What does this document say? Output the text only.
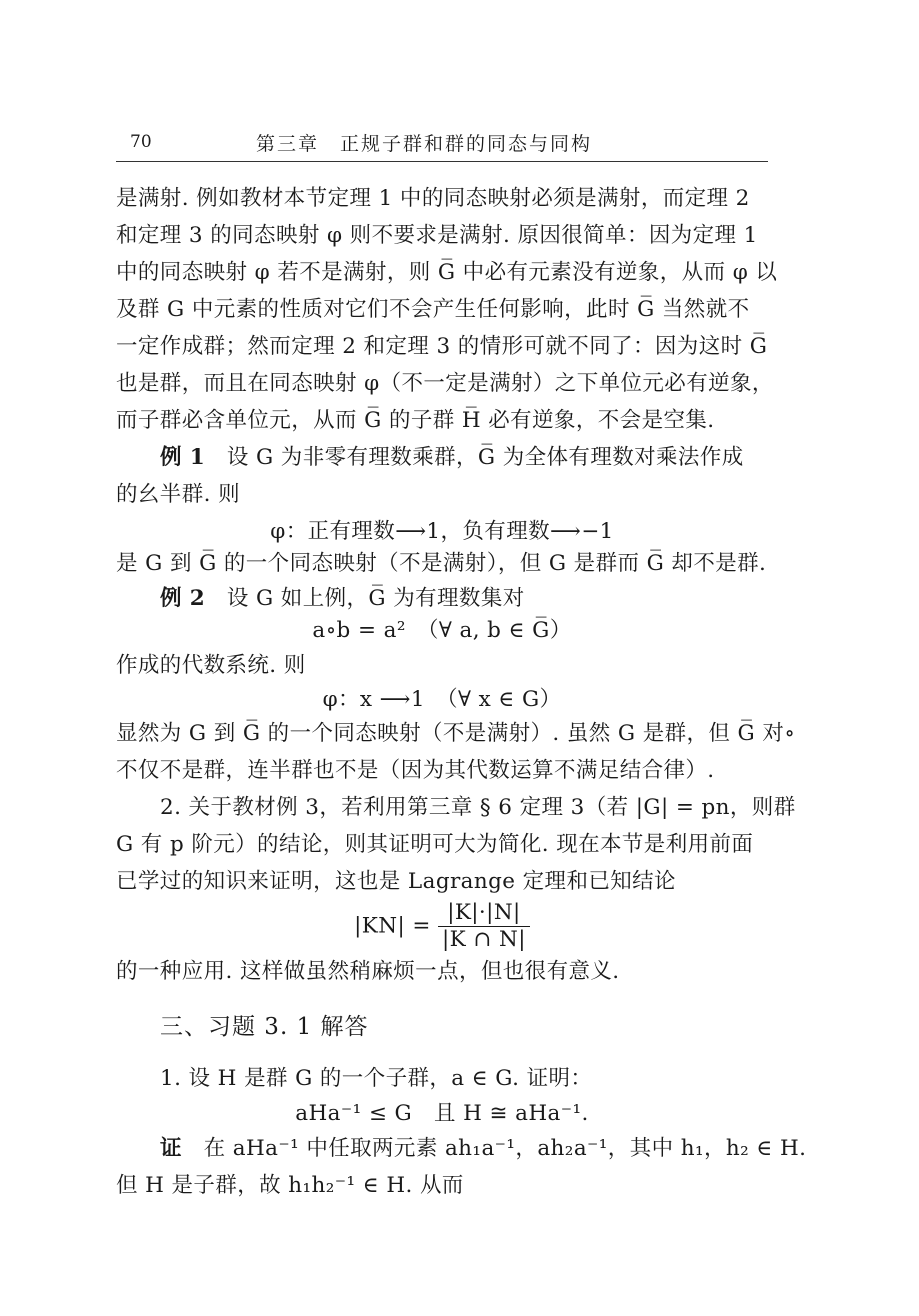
70	第三章　正规子群和群的同态与同构
是满射. 例如教材本节定理 1 中的同态映射必须是满射，而定理 2
和定理 3 的同态映射 φ 则不要求是满射. 原因很简单：因为定理 1
中的同态映射 φ 若不是满射，则 G̅ 中必有元素没有逆象，从而 φ 以
及群 G 中元素的性质对它们不会产生任何影响，此时 G̅ 当然就不
一定作成群；然而定理 2 和定理 3 的情形可就不同了：因为这时 G̅
也是群，而且在同态映射 φ（不一定是满射）之下单位元必有逆象，
而子群必含单位元，从而 G̅ 的子群 H̅ 必有逆象，不会是空集.
例 1 设 G 为非零有理数乘群，G̅ 为全体有理数对乘法作成
的幺半群. 则
φ：正有理数⟶1，负有理数⟶−1
是 G 到 G̅ 的一个同态映射（不是满射），但 G 是群而 G̅ 却不是群.
例 2 设 G 如上例，G̅ 为有理数集对
a∘b = a²　（∀ a, b ∈ G̅）
作成的代数系统. 则
φ：x ⟶1　（∀ x ∈ G）
显然为 G 到 G̅ 的一个同态映射（不是满射）. 虽然 G 是群，但 G̅ 对∘
不仅不是群，连半群也不是（因为其代数运算不满足结合律）.
2. 关于教材例 3，若利用第三章 § 6 定理 3（若 |G| = pn，则群
G 有 p 阶元）的结论，则其证明可大为简化. 现在本节是利用前面
已学过的知识来证明，这也是 Lagrange 定理和已知结论
$|KN| = \frac{|K|\cdot|N|}{|K \cap N|}$
的一种应用. 这样做虽然稍麻烦一点，但也很有意义.
三、习题 3. 1 解答
1. 设 H 是群 G 的一个子群，a ∈ G. 证明：
aHa⁻¹ ≤ G　且 H ≅ aHa⁻¹.
证 在 aHa⁻¹ 中任取两元素 ah₁a⁻¹，ah₂a⁻¹，其中 h₁，h₂ ∈ H.
但 H 是子群，故 h₁h₂⁻¹ ∈ H. 从而
